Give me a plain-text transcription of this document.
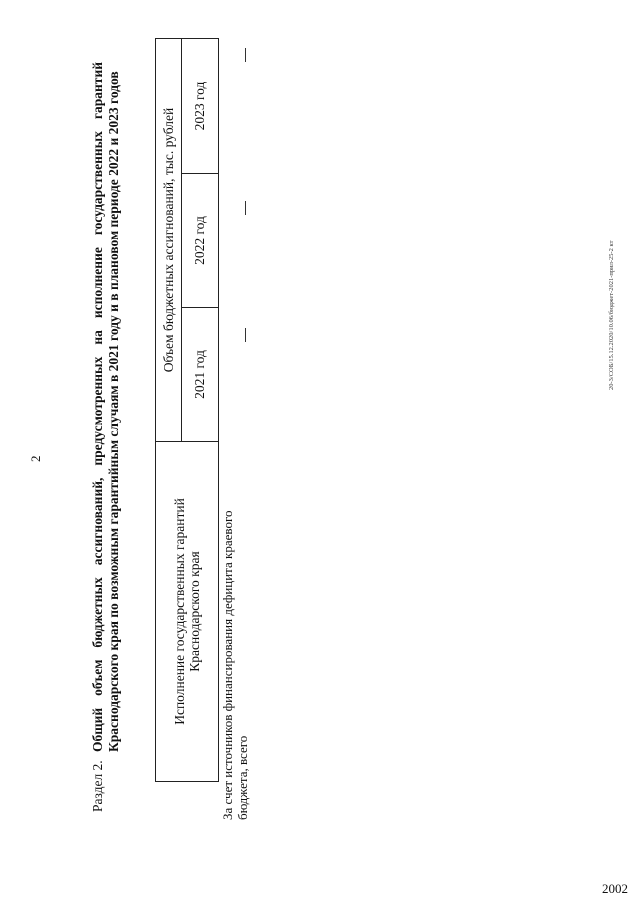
2
Раздел 2.
Общий объем бюджетных ассигнований, предусмотренных на исполнение государственных гарантий Краснодарского края по возможным гарантийным случаям в 2021 году и в плановом периоде 2022 и 2023 годов	Исполнение государственных гарантий Краснодарского края
Объем бюджетных ассигнований, тыс. рублей
2021 год
2022 год
2023 год
За счет источников финансирования дефицита краевого бюджета, всего
20-3/СОБ/15.12.2020/10.06/бюджет-2021-прил-25-2 кт
2002
